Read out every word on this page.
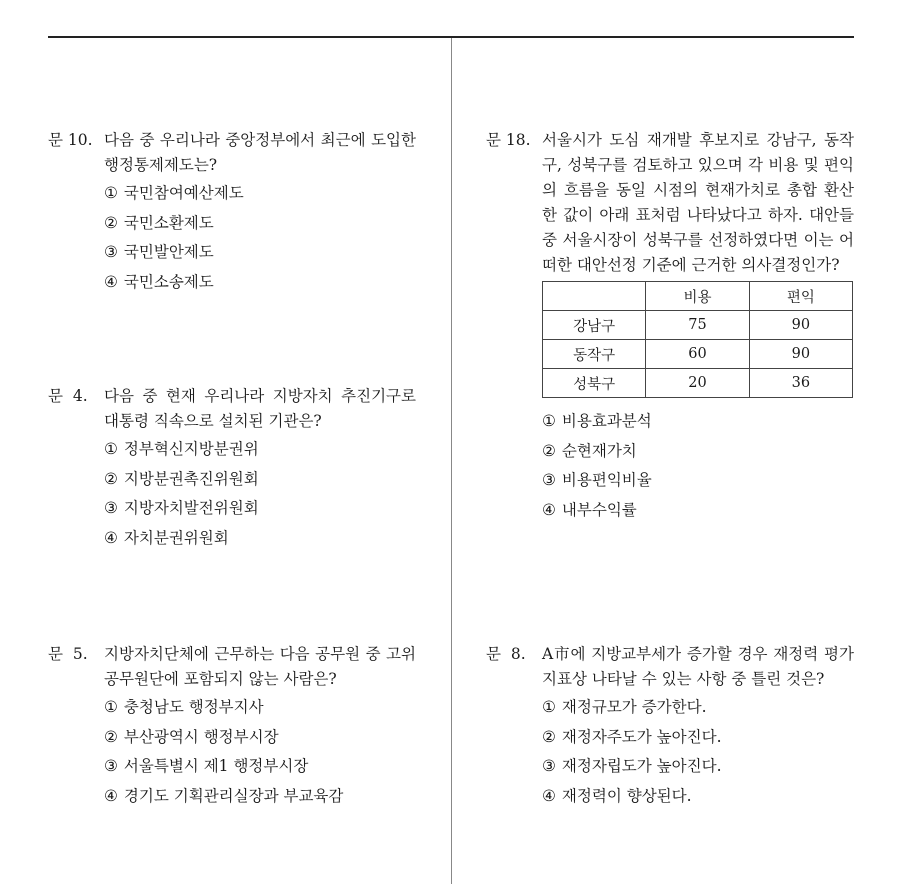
문 10. 다음 중 우리나라 중앙정부에서 최근에 도입한 행정통제제도는?
① 국민참여예산제도
② 국민소환제도
③ 국민발안제도
④ 국민소송제도
문  4. 다음 중 현재 우리나라 지방자치 추진기구로 대통령 직속으로 설치된 기관은?
① 정부혁신지방분권위
② 지방분권촉진위원회
③ 지방자치발전위원회
④ 자치분권위원회
문  5. 지방자치단체에 근무하는 다음 공무원 중 고위공무원단에 포함되지 않는 사람은?
① 충청남도 행정부지사
② 부산광역시 행정부시장
③ 서울특별시 제1 행정부시장
④ 경기도 기획관리실장과 부교육감
문 18. 서울시가 도심 재개발 후보지로 강남구, 동작구, 성북구를 검토하고 있으며 각 비용 및 편익의 흐름을 동일 시점의 현재가치로 총합 환산한 값이 아래 표처럼 나타났다고 하자. 대안들 중 서울시장이 성북구를 선정하였다면 이는 어떠한 대안선정 기준에 근거한 의사결정인가?
	비용	편익
강남구	75	90
동작구	60	90
성북구	20	36
① 비용효과분석
② 순현재가치
③ 비용편익비율
④ 내부수익률
문  8. A市에 지방교부세가 증가할 경우 재정력 평가지표상 나타날 수 있는 사항 중 틀린 것은?
① 재정규모가 증가한다.
② 재정자주도가 높아진다.
③ 재정자립도가 높아진다.
④ 재정력이 향상된다.
